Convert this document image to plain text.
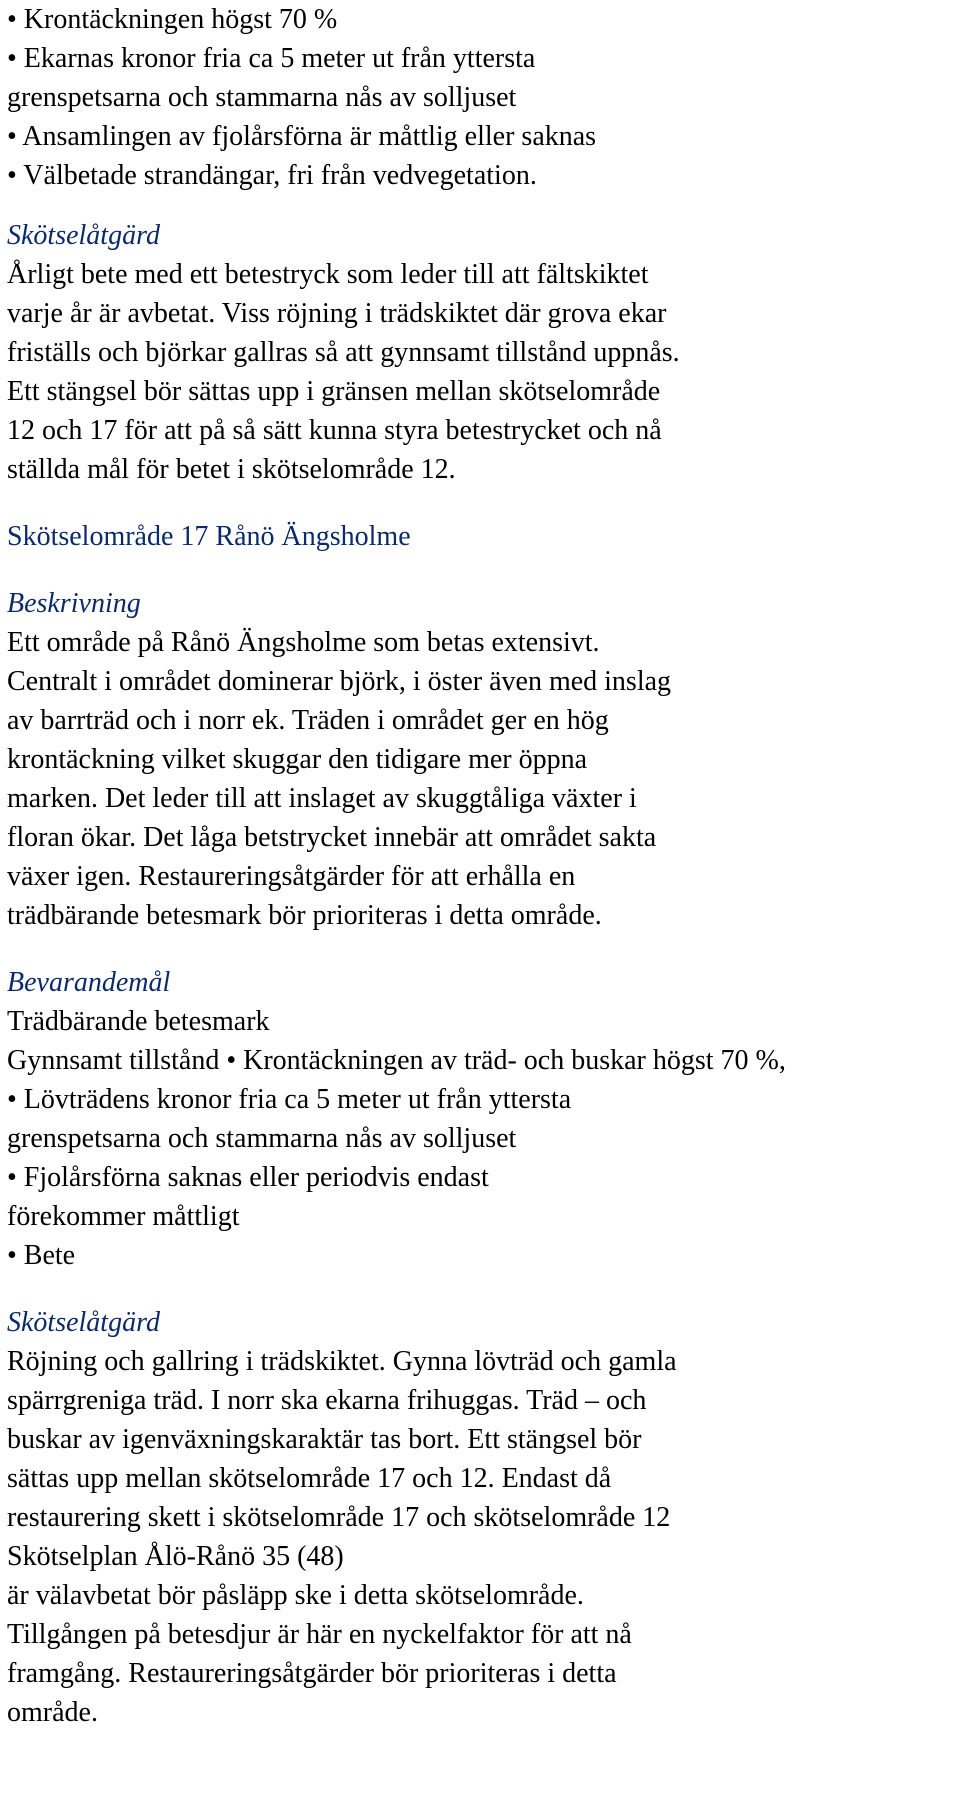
• Krontäckningen högst 70 %
• Ekarnas kronor fria ca 5 meter ut från yttersta
grenspetsarna och stammarna nås av solljuset
• Ansamlingen av fjolårsförna är måttlig eller saknas
• Välbetade strandängar, fri från vedvegetation.
Skötselåtgärd
Årligt bete med ett betestryck som leder till att fältskiktet
varje år är avbetat. Viss röjning i trädskiktet där grova ekar
friställs och björkar gallras så att gynnsamt tillstånd uppnås.
Ett stängsel bör sättas upp i gränsen mellan skötselområde
12 och 17 för att på så sätt kunna styra betestrycket och nå
ställda mål för betet i skötselområde 12.
Skötselområde 17 Rånö Ängsholme
Beskrivning
Ett område på Rånö Ängsholme som betas extensivt.
Centralt i området dominerar björk, i öster även med inslag
av barrträd och i norr ek. Träden i området ger en hög
krontäckning vilket skuggar den tidigare mer öppna
marken. Det leder till att inslaget av skuggtåliga växter i
floran ökar. Det låga betstrycket innebär att området sakta
växer igen. Restaureringsåtgärder för att erhålla en
trädbärande betesmark bör prioriteras i detta område.
Bevarandemål
Trädbärande betesmark
Gynnsamt tillstånd • Krontäckningen av träd- och buskar högst 70 %,
• Lövträdens kronor fria ca 5 meter ut från yttersta
grenspetsarna och stammarna nås av solljuset
• Fjolårsförna saknas eller periodvis endast
förekommer måttligt
• Bete
Skötselåtgärd
Röjning och gallring i trädskiktet. Gynna lövträd och gamla
spärrgreniga träd. I norr ska ekarna frihuggas. Träd – och
buskar av igenväxningskaraktär tas bort. Ett stängsel bör
sättas upp mellan skötselområde 17 och 12. Endast då
restaurering skett i skötselområde 17 och skötselområde 12
Skötselplan Ålö-Rånö 35 (48)
är välavbetat bör påsläpp ske i detta skötselområde.
Tillgången på betesdjur är här en nyckelfaktor för att nå
framgång. Restaureringsåtgärder bör prioriteras i detta
område.
